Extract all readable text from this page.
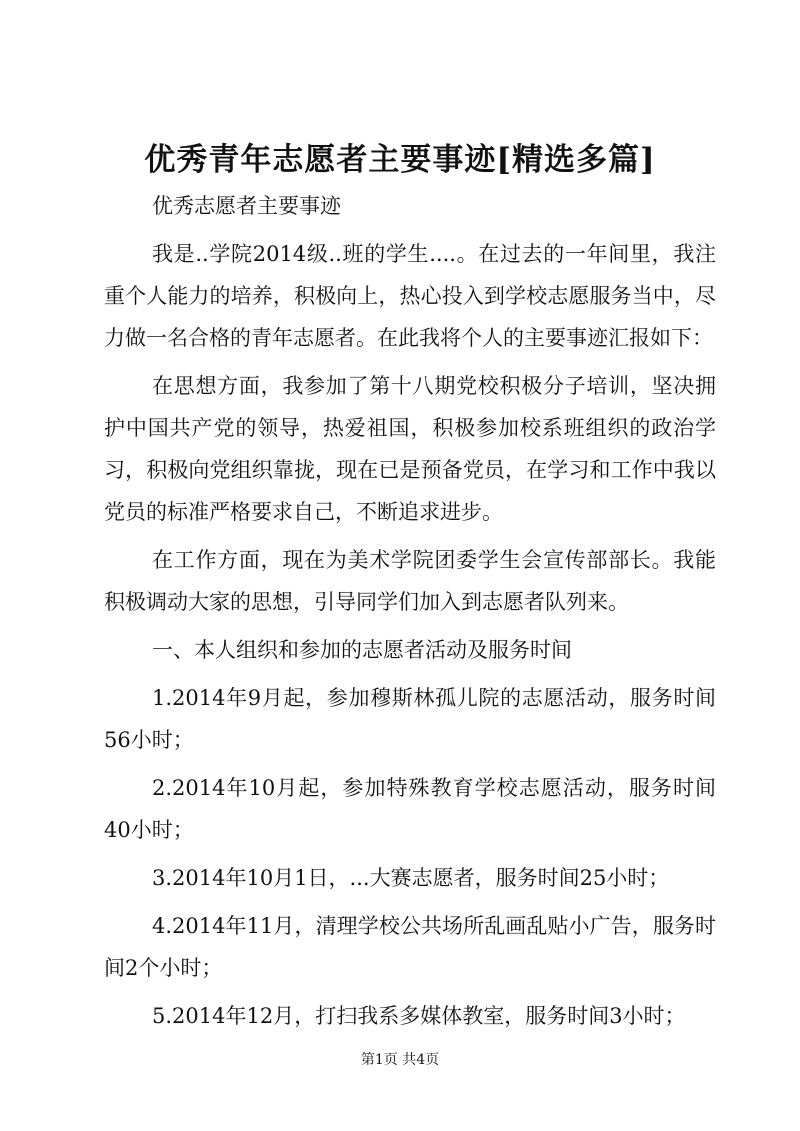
优秀青年志愿者主要事迹[精选多篇]

优秀志愿者主要事迹

我是..学院2014级..班的学生....。在过去的一年间里，我注重个人能力的培养，积极向上，热心投入到学校志愿服务当中，尽力做一名合格的青年志愿者。在此我将个人的主要事迹汇报如下：

在思想方面，我参加了第十八期党校积极分子培训，坚决拥护中国共产党的领导，热爱祖国，积极参加校系班组织的政治学习，积极向党组织靠拢，现在已是预备党员，在学习和工作中我以党员的标准严格要求自己，不断追求进步。

在工作方面，现在为美术学院团委学生会宣传部部长。我能积极调动大家的思想，引导同学们加入到志愿者队列来。

一、本人组织和参加的志愿者活动及服务时间

1.2014年9月起，参加穆斯林孤儿院的志愿活动，服务时间56小时；

2.2014年10月起，参加特殊教育学校志愿活动，服务时间40小时；

3.2014年10月1日，...大赛志愿者，服务时间25小时；

4.2014年11月，清理学校公共场所乱画乱贴小广告，服务时间2个小时；

5.2014年12月，打扫我系多媒体教室，服务时间3小时；

第1页 共4页
